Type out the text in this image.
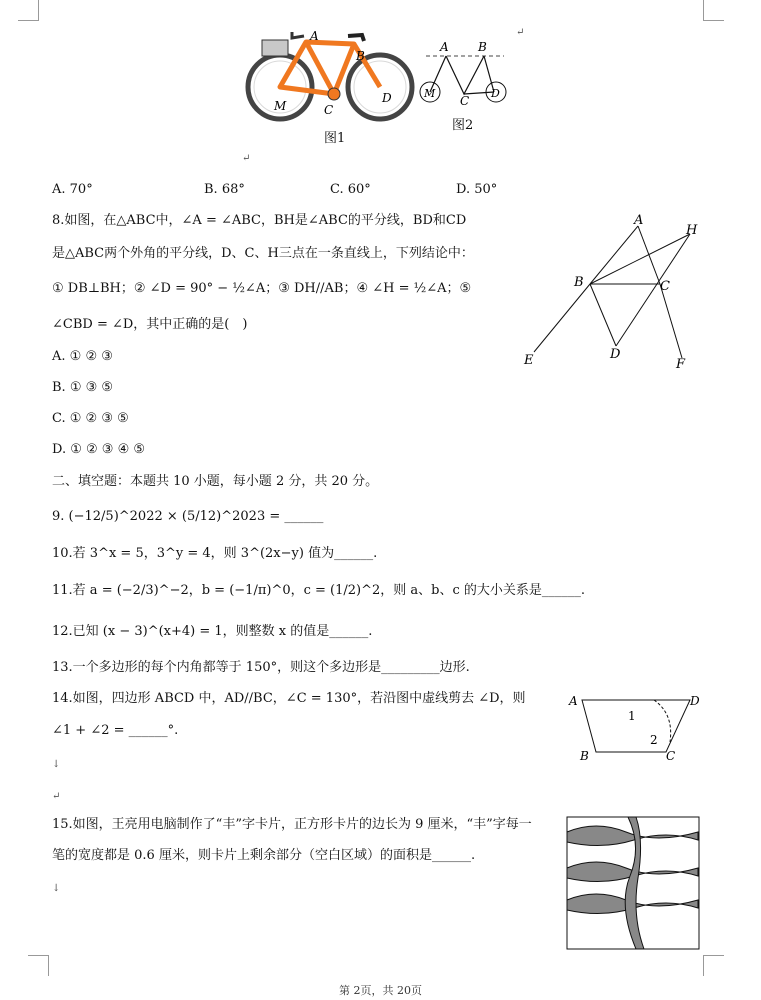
A
B
M	C
D
图1
A B
M
C
D
图2
↵
↵
A. 70°	B. 68°	C. 60°	D. 50°
8.如图，在△ABC中，∠A = ∠ABC，BH是∠ABC的平分线，BD和CD
是△ABC两个外角的平分线，D、C、H三点在一条直线上，下列结论中：
① DB⊥BH；② ∠D = 90° − ½∠A；③ DH//AB；④ ∠H = ½∠A；⑤
∠CBD = ∠D，其中正确的是(　)
A. ① ② ③
B. ① ③ ⑤
C. ① ② ③ ⑤
D. ① ② ③ ④ ⑤
A
H
B	C
E	D
F
二、填空题：本题共 10 小题，每小题 2 分，共 20 分。
9. (−12/5)^2022 × (5/12)^2023 = ______
10.若 3^x = 5，3^y = 4，则 3^(2x−y) 值为______.
11.若 a = (−2/3)^−2，b = (−1/π)^0，c = (1/2)^2，则 a、b、c 的大小关系是______.
12.已知 (x − 3)^(x+4) = 1，则整数 x 的值是______.
13.一个多边形的每个内角都等于 150°，则这个多边形是_________边形.
14.如图，四边形 ABCD 中，AD//BC，∠C = 130°，若沿图中虚线剪去 ∠D，则
∠1 + ∠2 = ______°.
↓
↵
A	D
B	C
1
2
15.如图，王亮用电脑制作了“丰”字卡片，正方形卡片的边长为 9 厘米，“丰”字每一
笔的宽度都是 0.6 厘米，则卡片上剩余部分（空白区域）的面积是______.
↓
第 2页，共 20页
